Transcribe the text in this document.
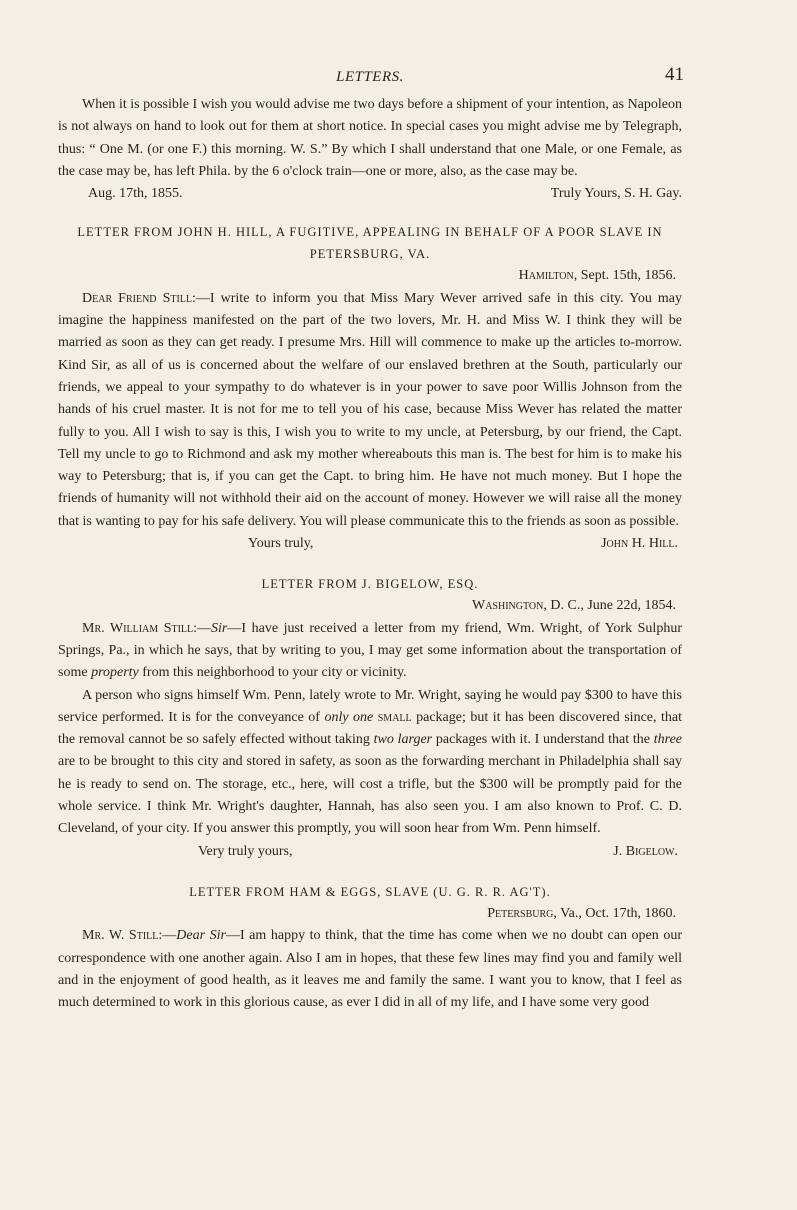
LETTERS.	41

When it is possible I wish you would advise me two days before a shipment of your intention, as Napoleon is not always on hand to look out for them at short notice. In special cases you might advise me by Telegraph, thus: “ One M. (or one F.) this morning. W. S.” By which I shall understand that one Male, or one Female, as the case may be, has left Phila. by the 6 o'clock train—one or more, also, as the case may be.

Aug. 17th, 1855.	Truly Yours, S. H. Gay.
LETTER FROM JOHN H. HILL, A FUGITIVE, APPEALING IN BEHALF OF A POOR SLAVE IN PETERSBURG, VA.
Hamilton, Sept. 15th, 1856.

Dear Friend Still:—I write to inform you that Miss Mary Wever arrived safe in this city. You may imagine the happiness manifested on the part of the two lovers, Mr. H. and Miss W. I think they will be married as soon as they can get ready. I presume Mrs. Hill will commence to make up the articles to-morrow. Kind Sir, as all of us is concerned about the welfare of our enslaved brethren at the South, particularly our friends, we appeal to your sympathy to do whatever is in your power to save poor Willis Johnson from the hands of his cruel master. It is not for me to tell you of his case, because Miss Wever has related the matter fully to you. All I wish to say is this, I wish you to write to my uncle, at Petersburg, by our friend, the Capt. Tell my uncle to go to Richmond and ask my mother whereabouts this man is. The best for him is to make his way to Petersburg; that is, if you can get the Capt. to bring him. He have not much money. But I hope the friends of humanity will not withhold their aid on the account of money. However we will raise all the money that is wanting to pay for his safe delivery. You will please communicate this to the friends as soon as possible.

Yours truly,	John H. Hill.
LETTER FROM J. BIGELOW, ESQ.
Washington, D. C., June 22d, 1854.

Mr. William Still:—Sir—I have just received a letter from my friend, Wm. Wright, of York Sulphur Springs, Pa., in which he says, that by writing to you, I may get some information about the transportation of some property from this neighborhood to your city or vicinity.

A person who signs himself Wm. Penn, lately wrote to Mr. Wright, saying he would pay $300 to have this service performed. It is for the conveyance of only one small package; but it has been discovered since, that the removal cannot be so safely effected without taking two larger packages with it. I understand that the three are to be brought to this city and stored in safety, as soon as the forwarding merchant in Philadelphia shall say he is ready to send on. The storage, etc., here, will cost a trifle, but the $300 will be promptly paid for the whole service. I think Mr. Wright's daughter, Hannah, has also seen you. I am also known to Prof. C. D. Cleveland, of your city. If you answer this promptly, you will soon hear from Wm. Penn himself.

Very truly yours,	J. Bigelow.
LETTER FROM HAM & EGGS, SLAVE (U. G. R. R. AG'T).
Petersburg, Va., Oct. 17th, 1860.

Mr. W. Still:—Dear Sir—I am happy to think, that the time has come when we no doubt can open our correspondence with one another again. Also I am in hopes, that these few lines may find you and family well and in the enjoyment of good health, as it leaves me and family the same. I want you to know, that I feel as much determined to work in this glorious cause, as ever I did in all of my life, and I have some very good
